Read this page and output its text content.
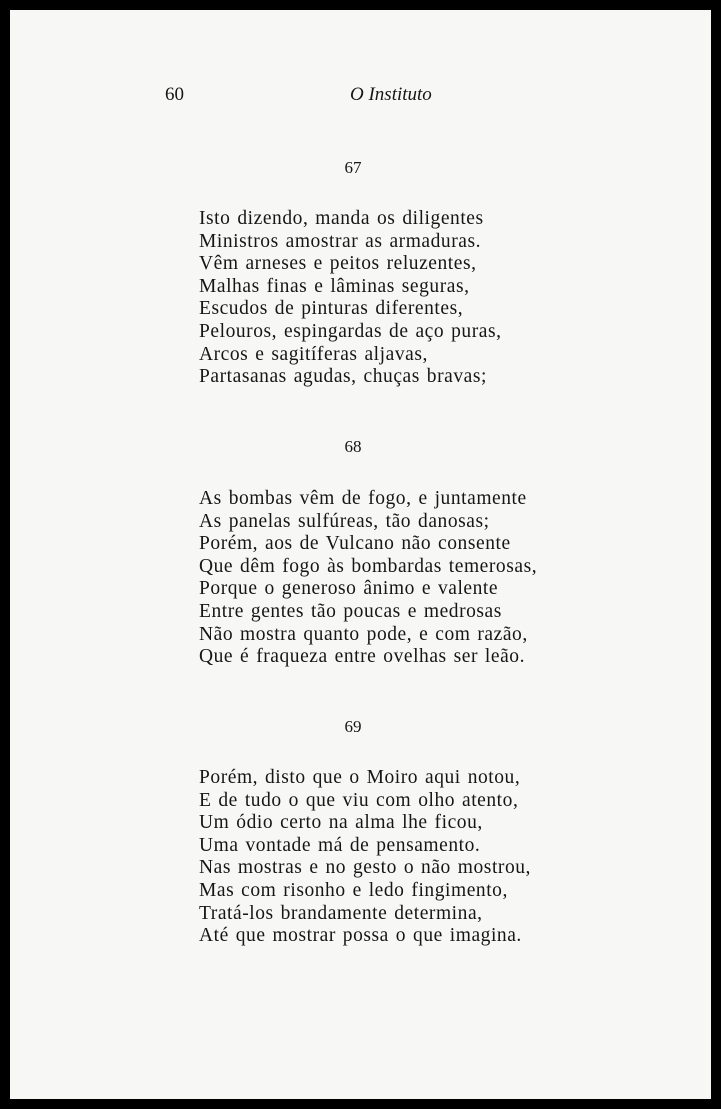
60	O Instituto
67
Isto dizendo, manda os diligentes
Ministros amostrar as armaduras.
Vêm arneses e peitos reluzentes,
Malhas finas e lâminas seguras,
Escudos de pinturas diferentes,
Pelouros, espingardas de aço puras,
Arcos e sagitíferas aljavas,
Partasanas agudas, chuças bravas;
68
As bombas vêm de fogo, e juntamente
As panelas sulfúreas, tão danosas;
Porém, aos de Vulcano não consente
Que dêm fogo às bombardas temerosas,
Porque o generoso ânimo e valente
Entre gentes tão poucas e medrosas
Não mostra quanto pode, e com razão,
Que é fraqueza entre ovelhas ser leão.
69
Porém, disto que o Moiro aqui notou,
E de tudo o que viu com olho atento,
Um ódio certo na alma lhe ficou,
Uma vontade má de pensamento.
Nas mostras e no gesto o não mostrou,
Mas com risonho e ledo fingimento,
Tratá-los brandamente determina,
Até que mostrar possa o que imagina.
